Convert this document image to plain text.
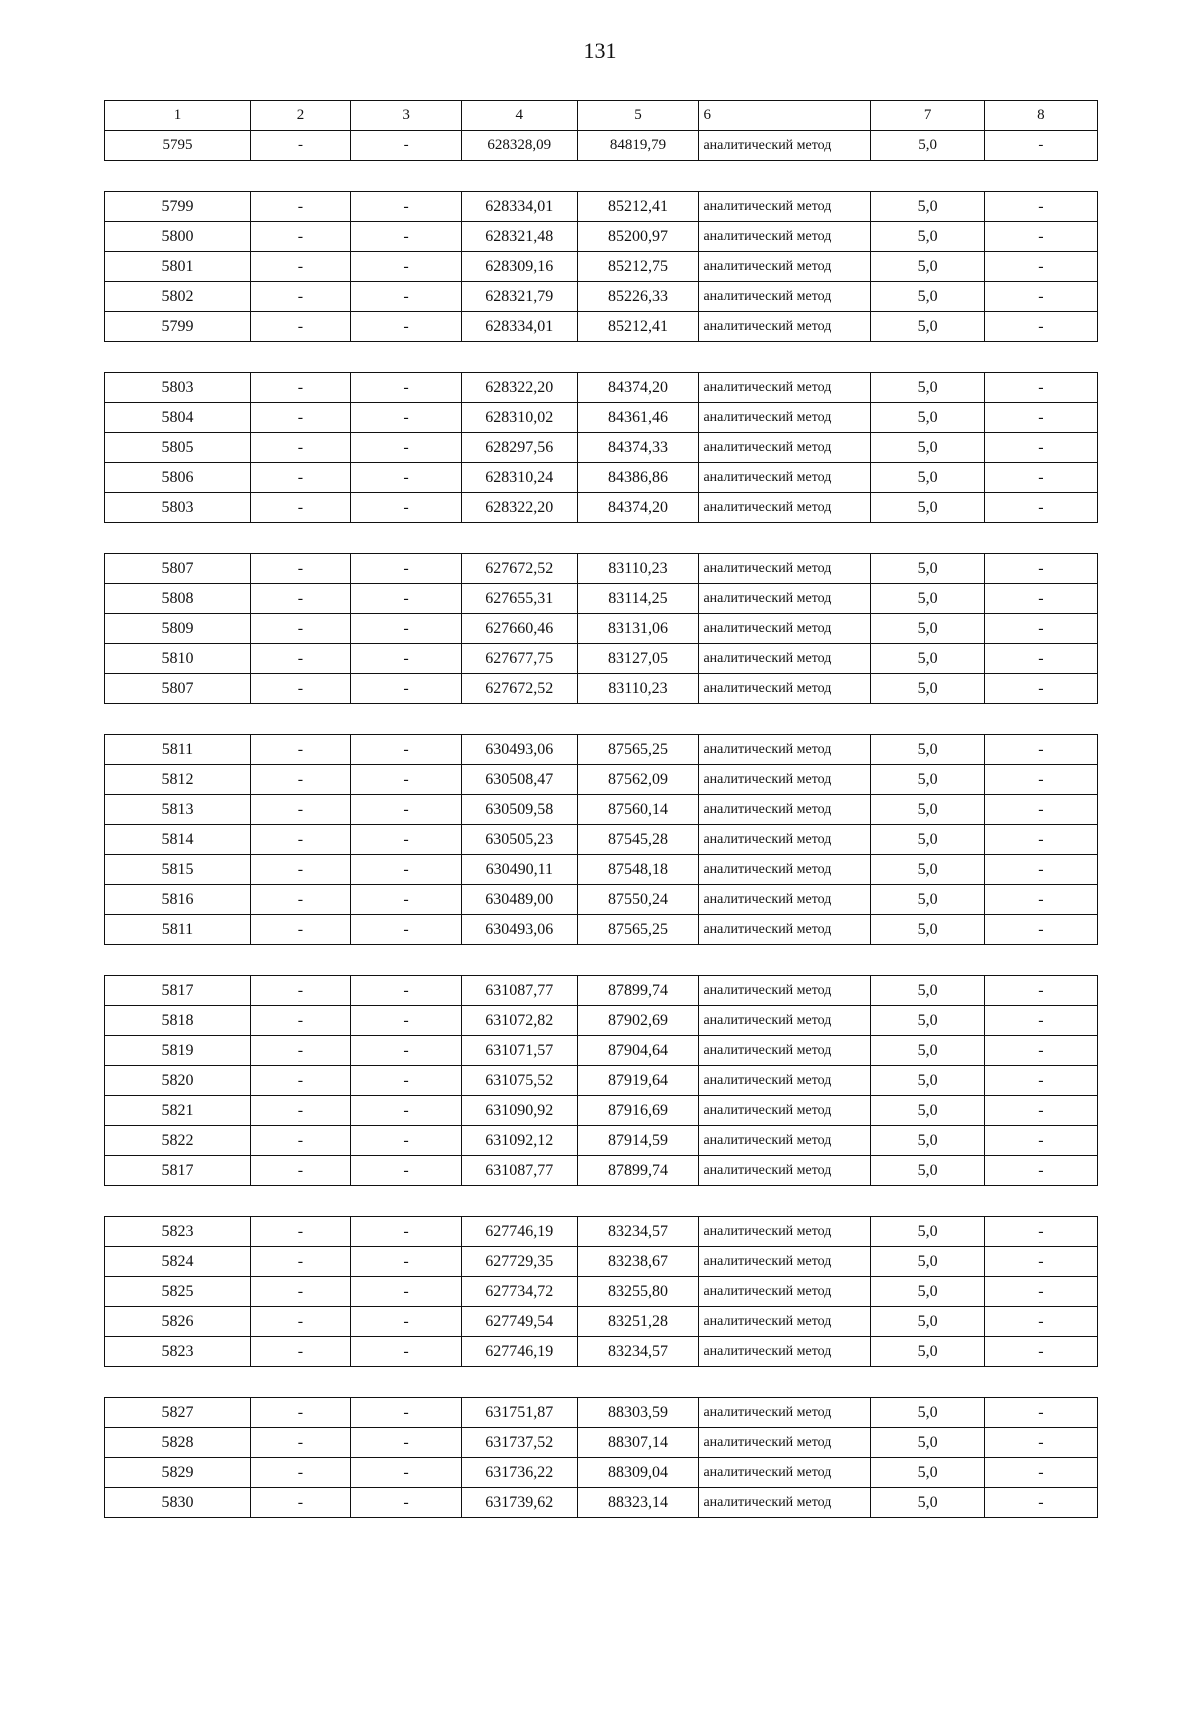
131
1	2	3	4	5	6	7	8
5795	-	-	628328,09	84819,79	аналитический метод	5,0	-
5799	-	-	628334,01	85212,41	аналитический метод	5,0	-
5800	-	-	628321,48	85200,97	аналитический метод	5,0	-
5801	-	-	628309,16	85212,75	аналитический метод	5,0	-
5802	-	-	628321,79	85226,33	аналитический метод	5,0	-
5799	-	-	628334,01	85212,41	аналитический метод	5,0	-
5803	-	-	628322,20	84374,20	аналитический метод	5,0	-
5804	-	-	628310,02	84361,46	аналитический метод	5,0	-
5805	-	-	628297,56	84374,33	аналитический метод	5,0	-
5806	-	-	628310,24	84386,86	аналитический метод	5,0	-
5803	-	-	628322,20	84374,20	аналитический метод	5,0	-
5807	-	-	627672,52	83110,23	аналитический метод	5,0	-
5808	-	-	627655,31	83114,25	аналитический метод	5,0	-
5809	-	-	627660,46	83131,06	аналитический метод	5,0	-
5810	-	-	627677,75	83127,05	аналитический метод	5,0	-
5807	-	-	627672,52	83110,23	аналитический метод	5,0	-
5811	-	-	630493,06	87565,25	аналитический метод	5,0	-
5812	-	-	630508,47	87562,09	аналитический метод	5,0	-
5813	-	-	630509,58	87560,14	аналитический метод	5,0	-
5814	-	-	630505,23	87545,28	аналитический метод	5,0	-
5815	-	-	630490,11	87548,18	аналитический метод	5,0	-
5816	-	-	630489,00	87550,24	аналитический метод	5,0	-
5811	-	-	630493,06	87565,25	аналитический метод	5,0	-
5817	-	-	631087,77	87899,74	аналитический метод	5,0	-
5818	-	-	631072,82	87902,69	аналитический метод	5,0	-
5819	-	-	631071,57	87904,64	аналитический метод	5,0	-
5820	-	-	631075,52	87919,64	аналитический метод	5,0	-
5821	-	-	631090,92	87916,69	аналитический метод	5,0	-
5822	-	-	631092,12	87914,59	аналитический метод	5,0	-
5817	-	-	631087,77	87899,74	аналитический метод	5,0	-
5823	-	-	627746,19	83234,57	аналитический метод	5,0	-
5824	-	-	627729,35	83238,67	аналитический метод	5,0	-
5825	-	-	627734,72	83255,80	аналитический метод	5,0	-
5826	-	-	627749,54	83251,28	аналитический метод	5,0	-
5823	-	-	627746,19	83234,57	аналитический метод	5,0	-
5827	-	-	631751,87	88303,59	аналитический метод	5,0	-
5828	-	-	631737,52	88307,14	аналитический метод	5,0	-
5829	-	-	631736,22	88309,04	аналитический метод	5,0	-
5830	-	-	631739,62	88323,14	аналитический метод	5,0	-
